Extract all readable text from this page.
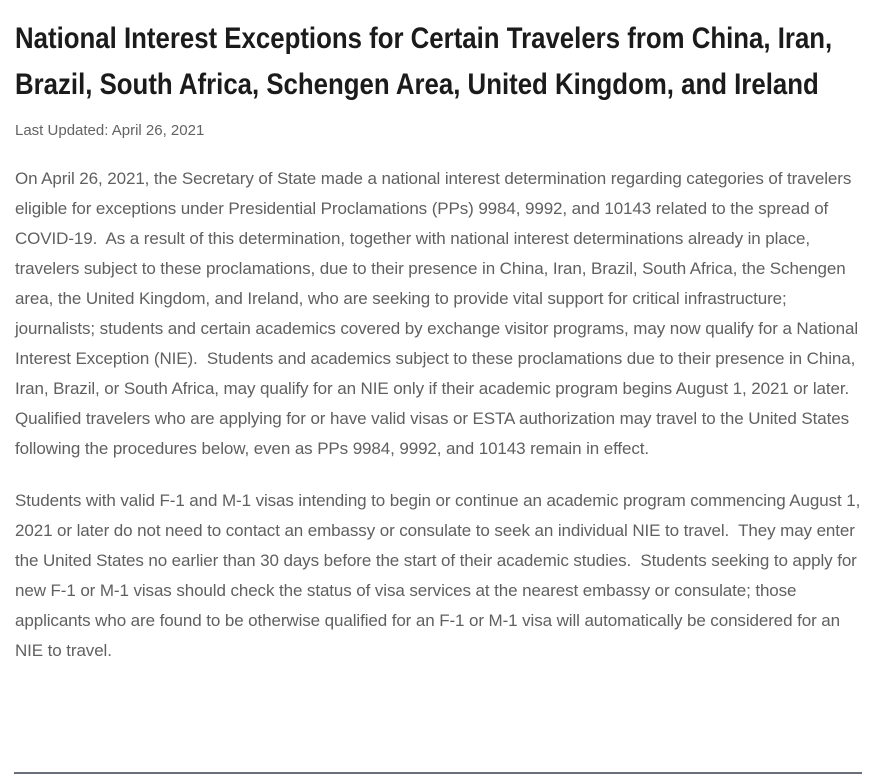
National Interest Exceptions for Certain Travelers from China, Iran, Brazil, South Africa, Schengen Area, United Kingdom, and Ireland
Last Updated: April 26, 2021

On April 26, 2021, the Secretary of State made a national interest determination regarding categories of travelers eligible for exceptions under Presidential Proclamations (PPs) 9984, 9992, and 10143 related to the spread of COVID-19.  As a result of this determination, together with national interest determinations already in place, travelers subject to these proclamations, due to their presence in China, Iran, Brazil, South Africa, the Schengen area, the United Kingdom, and Ireland, who are seeking to provide vital support for critical infrastructure; journalists; students and certain academics covered by exchange visitor programs, may now qualify for a National Interest Exception (NIE).  Students and academics subject to these proclamations due to their presence in China, Iran, Brazil, or South Africa, may qualify for an NIE only if their academic program begins August 1, 2021 or later.  Qualified travelers who are applying for or have valid visas or ESTA authorization may travel to the United States following the procedures below, even as PPs 9984, 9992, and 10143 remain in effect.

Students with valid F-1 and M-1 visas intending to begin or continue an academic program commencing August 1, 2021 or later do not need to contact an embassy or consulate to seek an individual NIE to travel.  They may enter the United States no earlier than 30 days before the start of their academic studies.  Students seeking to apply for new F-1 or M-1 visas should check the status of visa services at the nearest embassy or consulate; those applicants who are found to be otherwise qualified for an F-1 or M-1 visa will automatically be considered for an NIE to travel.
